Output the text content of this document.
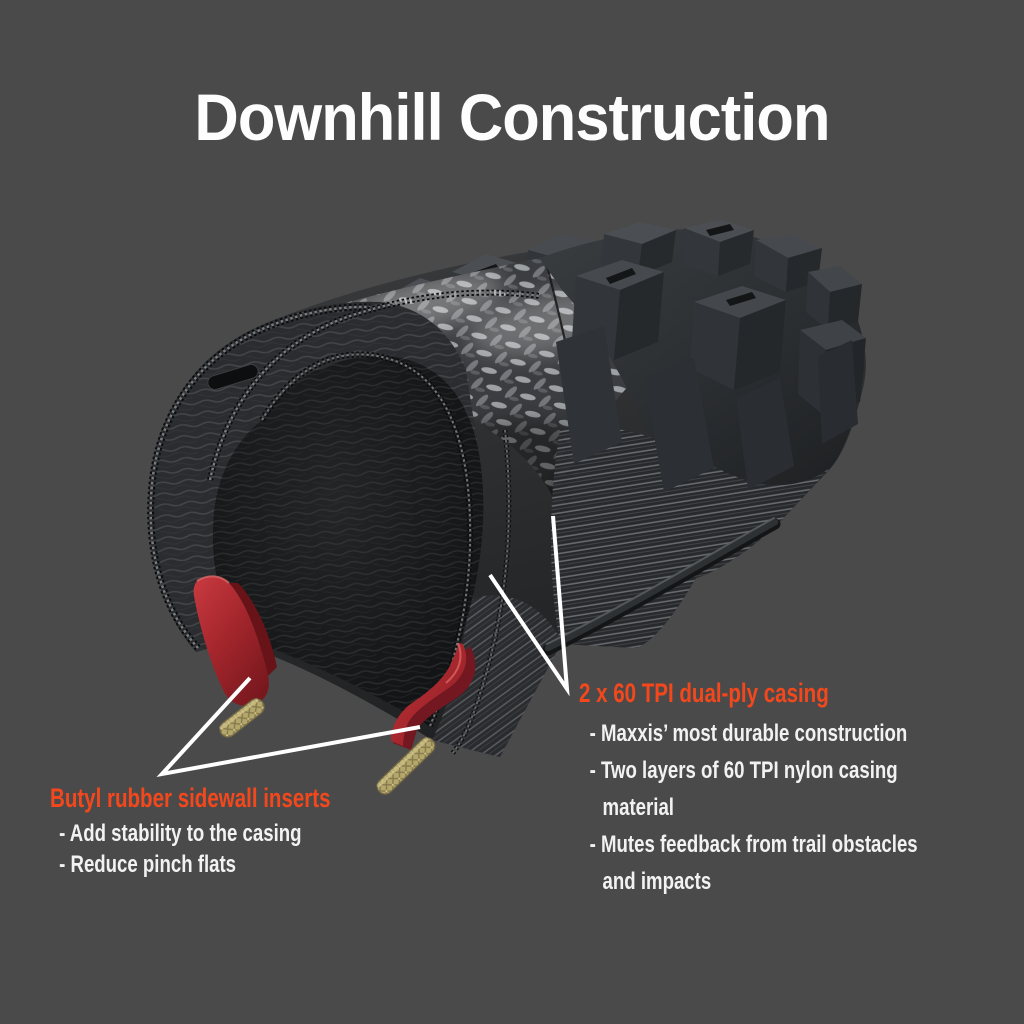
Downhill Construction
Butyl rubber sidewall inserts
- Add stability to the casing
- Reduce pinch flats
2 x 60 TPI dual-ply casing
- Maxxis’ most durable construction
- Two layers of 60 TPI nylon casing
material
- Mutes feedback from trail obstacles
and impacts
